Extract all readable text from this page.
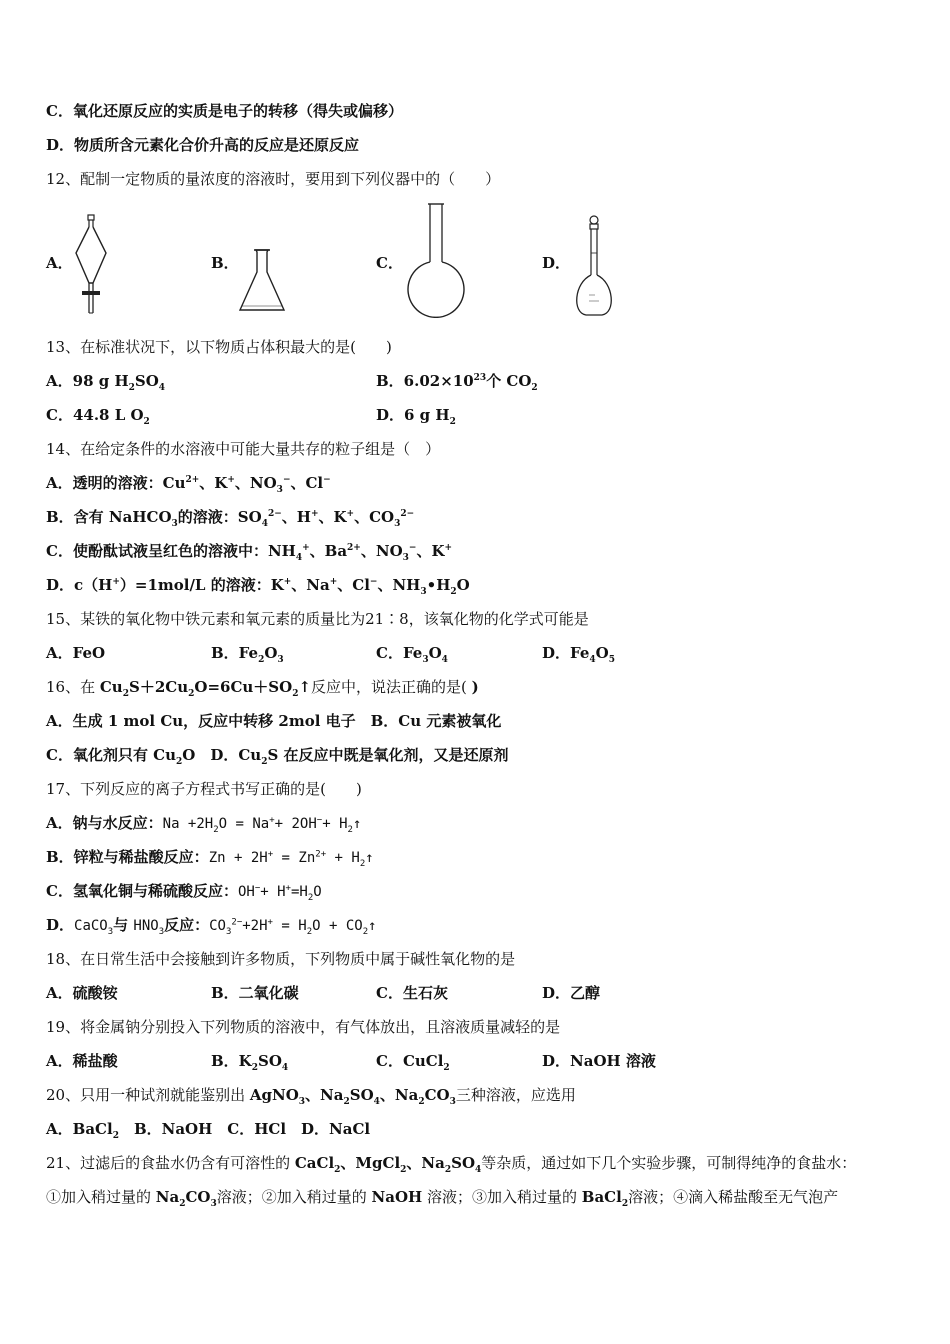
C．氧化还原反应的实质是电子的转移（得失或偏移）
D．物质所含元素化合价升高的反应是还原反应
12、配制一定物质的量浓度的溶液时，要用到下列仪器中的（　　）
A．	B．	C．	D．
13、在标准状况下，以下物质占体积最大的是(　　)
A．98 g $H_2SO_4$	B．$6.02\times 10^{23}$个 $CO_2$
C．44.8 L $O_2$	D．6 g $H_2$
14、在给定条件的水溶液中可能大量共存的粒子组是（　）
A．透明的溶液：$Cu^{2+}$、K+、$NO_3^-$、Cl−
B．含有 NaHCO$_3$的溶液：$SO_4^{2-}$、H+、K+、$CO_3^{2-}$
C．使酚酞试液呈红色的溶液中：$NH_4^+$、$Ba^{2+}$、$NO_3^-$、K+
D．c（H+）=1mol/L 的溶液：K+、Na+、Cl−、$NH_3•H_2O$
15、某铁的氧化物中铁元素和氧元素的质量比为21∶8，该氧化物的化学式可能是
A．FeO	B．$Fe_2O_3$	C．$Fe_3O_4$	D．$Fe_4O_5$
16、在 $Cu_2S+2Cu_2O=6Cu+SO_2↑$反应中，说法正确的是( )
A．生成 1 mol Cu，反应中转移 2mol 电子　B．Cu 元素被氧化
C．氧化剂只有 $Cu_2O$　D．$Cu_2S$ 在反应中既是氧化剂，又是还原剂
17、下列反应的离子方程式书写正确的是(　　)
A．钠与水反应：$Na +2H_2O = Na^++ 2OH^-+$ $H_2↑$
B．锌粒与稀盐酸反应：$Zn + 2H^+ = Zn^{2+}$ + $H_2↑$
C．氢氧化铜与稀硫酸反应：$OH^-+ H^+=H_2O$
D．CaCO$_3$与 $HNO_3$反应：$CO_3^{2-}+2H^+ = H_2O$ + $CO_2↑$
18、在日常生活中会接触到许多物质，下列物质中属于碱性氧化物的是
A．硫酸铵	B．二氧化碳	C．生石灰	D．乙醇
19、将金属钠分别投入下列物质的溶液中，有气体放出，且溶液质量减轻的是
A．稀盐酸	B．$K_2SO_4$	C．CuCl$_2$	D．NaOH 溶液
20、只用一种试剂就能鉴别出 AgNO$_3$、$Na_2SO_4$、$Na_2CO_3$三种溶液，应选用
A．BaCl$_2$　B．NaOH　C．HCl　D．NaCl
21、过滤后的食盐水仍含有可溶性的 CaCl$_2$、MgCl$_2$、$Na_2SO_4$等杂质，通过如下几个实验步骤，可制得纯净的食盐水：
①加入稍过量的 $Na_2CO_3$溶液；②加入稍过量的 NaOH 溶液；③加入稍过量的 BaCl$_2$溶液；④滴入稀盐酸至无气泡产
